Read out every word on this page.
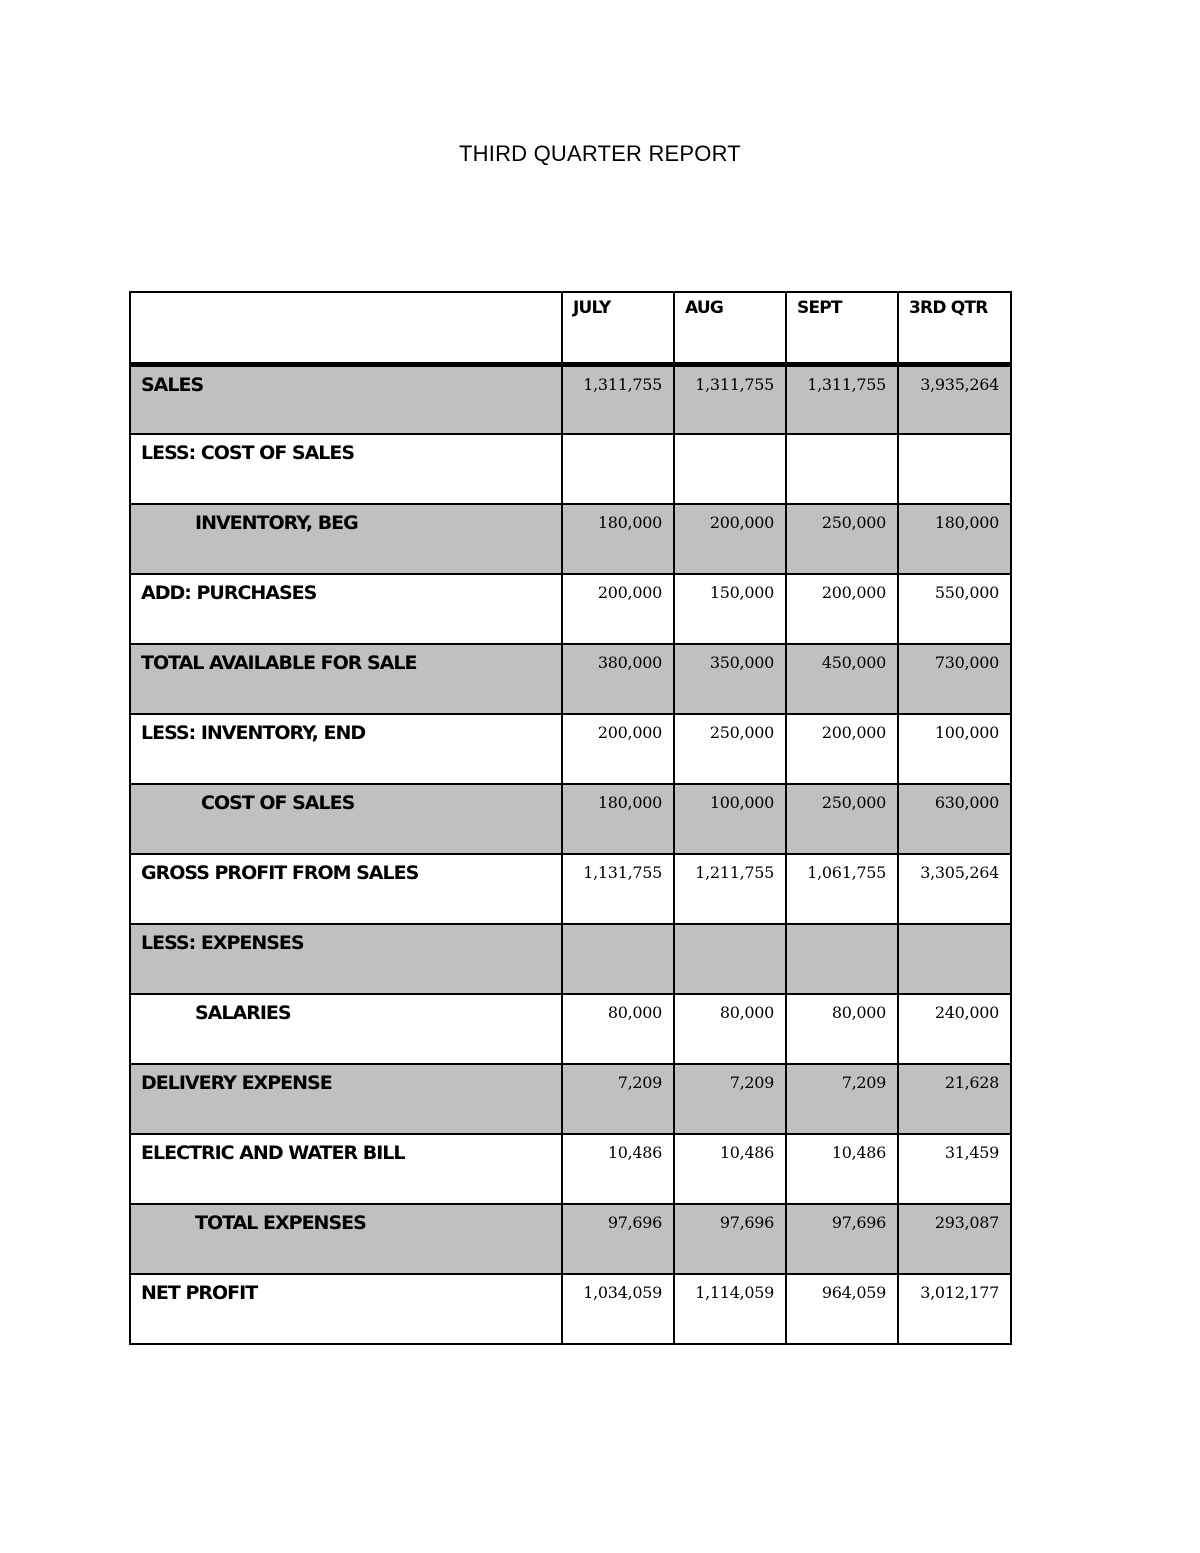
THIRD QUARTER REPORT
	JULY	AUG	SEPT	3RD QTR
SALES	1,311,755	1,311,755	1,311,755	3,935,264
LESS: COST OF SALES				
INVENTORY, BEG	180,000	200,000	250,000	180,000
ADD: PURCHASES	200,000	150,000	200,000	550,000
TOTAL AVAILABLE FOR SALE	380,000	350,000	450,000	730,000
LESS: INVENTORY, END	200,000	250,000	200,000	100,000
COST OF SALES	180,000	100,000	250,000	630,000
GROSS PROFIT FROM SALES	1,131,755	1,211,755	1,061,755	3,305,264
LESS: EXPENSES				
SALARIES	80,000	80,000	80,000	240,000
DELIVERY EXPENSE	7,209	7,209	7,209	21,628
ELECTRIC AND WATER BILL	10,486	10,486	10,486	31,459
TOTAL EXPENSES	97,696	97,696	97,696	293,087
NET PROFIT	1,034,059	1,114,059	964,059	3,012,177
